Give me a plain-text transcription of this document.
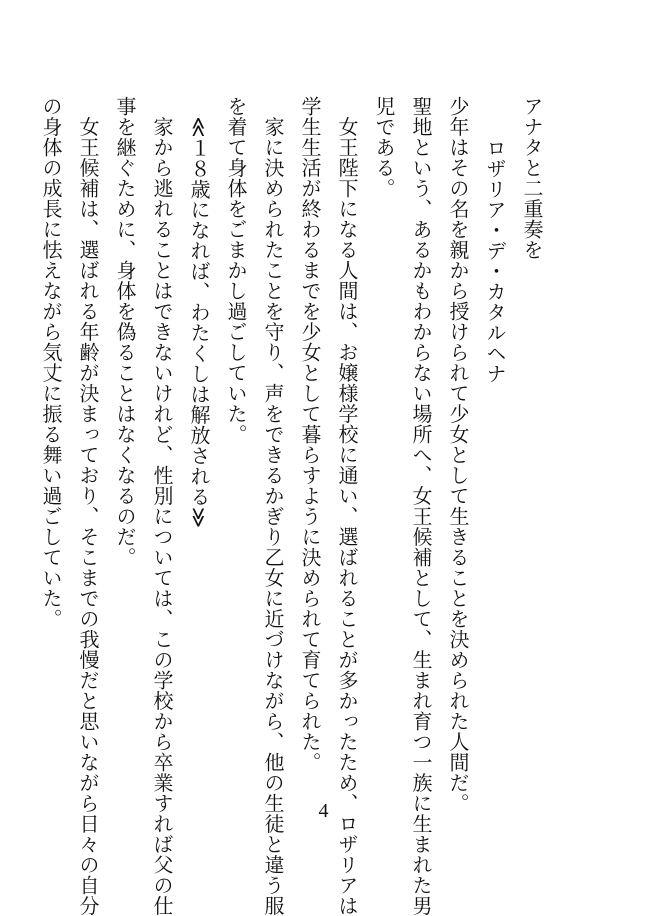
アナタと二重奏を
ロザリア・デ・カタルヘナ
少年はその名を親から授けられて少女として生きることを決められた人間だ。
聖地という、あるかもわからない場所へ、女王候補として、生まれ育つ一族に生まれた男
児である。
　女王陛下になる人間は、お嬢様学校に通い、選ばれることが多かったため、ロザリアは
学生生活が終わるまでを少女として暮らすように決められて育てられた。
　家に決められたことを守り、声をできるかぎり乙女に近づけながら、他の生徒と違う服
を着て身体をごまかし過ごしていた。
　≪１８歳になれば、わたくしは解放される≫
　家から逃れることはできないけれど、性別については、この学校から卒業すれば父の仕
事を継ぐために、身体を偽ることはなくなるのだ。
　女王候補は、選ばれる年齢が決まっており、そこまでの我慢だと思いながら日々の自分
の身体の成長に怯えながら気丈に振る舞い過ごしていた。
4
